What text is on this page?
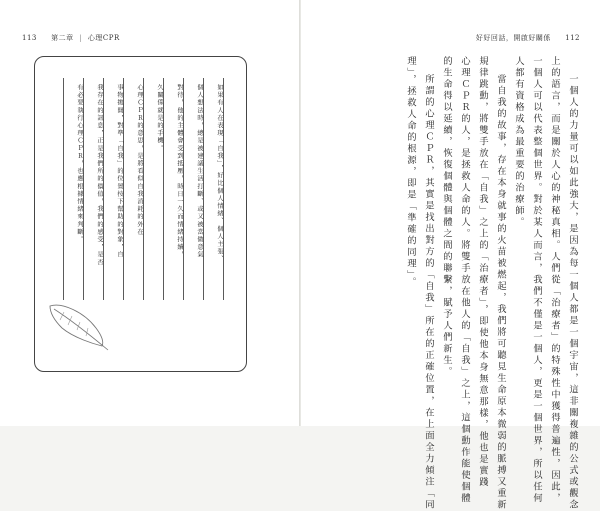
113 第二章 | 心理CPR	好好回話，開啟好關係 112
如果有人在表現「自我」，好比個人情緒、個人主張、
個人想法時，總是被建議生活打斷、或又被當做意氣
對待，他的主體會受到抵壓，時日一久而情緒持續，
久關係就是的手機。
心理ＣＰＲ的意思，是將看似自我消耗的外在
事物拋開，對準「自我」的位置按下幫助的對象，自
我存在的訊息，正是我們所的價值，我們的感受，是否
有必要執行心理ＣＰＲ，也應根據情緒來判斷。	一個人的力量可以如此強大，是因為每一個人都是一個宇宙，這非關複雜的公式或觀念
上的語言，而是關於人心的神秘真相。人們從「治療者」的特殊性中獲得普遍性，因此，
一個人可以代表整個世界。對於某人而言，我們不僅是一個人，更是一個世界，所以任何
人都有資格成為最重要的治療師。
當自我的故事，存在本身就事的火苗被燃起，我們將可聽見生命原本微弱的脈搏又重新
規律跳動，將雙手放在「自我」之上的「治療者」，即使他本身無意那樣，他也是實踐
心理ＣＰＲ的人，是拯救人命的人。將雙手放在他人的「自我」之上，這個動作能使個體
的生命得以延續，恢復個體與個體之間的聯繫，賦予人們新生。
所謂的心理ＣＰＲ，其實是找出對方的「自我」所在的正確位置，在上面全力傾注「同
理」，拯救人命的根源，即是「準確的同理」。
